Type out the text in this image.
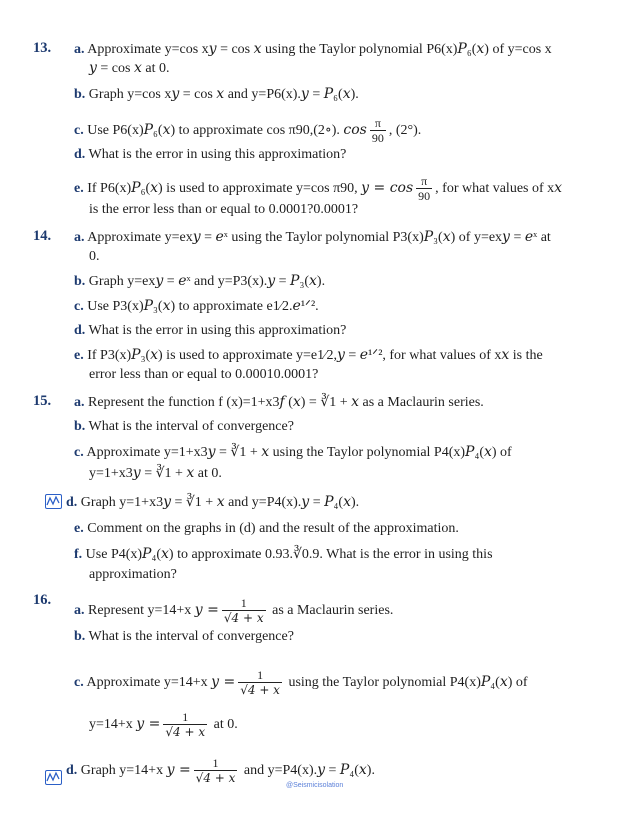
13. a. Approximate y=cos x𝑦 = cos 𝑥 using the Taylor polynomial P6(x)𝑃₆(𝑥) of y=cos x
𝑦 = cos 𝑥 at 0.
b. Graph y=cos x𝑦 = cos 𝑥 and y=P6(x).𝑦 = 𝑃₆(𝑥).
c. Use P6(x)𝑃₆(𝑥) to approximate cos π90,(2∘). $\cos \frac{\pi}{90}$ , (2°).
d. What is the error in using this approximation?
e. If P6(x)𝑃₆(𝑥) is used to approximate y=cos π90, 𝑦 = $\cos \frac{\pi}{90}$ , for what values of x𝑥
is the error less than or equal to 0.0001?0.0001?
14. a. Approximate y=ex𝑦 = 𝑒ˣ using the Taylor polynomial P3(x)𝑃₃(𝑥) of y=ex𝑦 = 𝑒ˣ at
0.
b. Graph y=ex𝑦 = 𝑒ˣ and y=P3(x).𝑦 = 𝑃₃(𝑥).
c. Use P3(x)𝑃₃(𝑥) to approximate e1⁄2.𝑒¹ᐟ².
d. What is the error in using this approximation?
e. If P3(x)𝑃₃(𝑥) is used to approximate y=e1⁄2,𝑦 = 𝑒¹ᐟ², for what values of x𝑥 is the
error less than or equal to 0.00010.0001?
15. a. Represent the function f (x)=1+x3𝑓 (𝑥) = ∛1 + 𝑥 as a Maclaurin series.
b. What is the interval of convergence?
c. Approximate y=1+x3𝑦 = ∛1 + 𝑥 using the Taylor polynomial P4(x)𝑃₄(𝑥) of
y=1+x3𝑦 = ∛1 + 𝑥 at 0.
d. Graph y=1+x3𝑦 = ∛1 + 𝑥 and y=P4(x).𝑦 = 𝑃₄(𝑥).
e. Comment on the graphs in (d) and the result of the approximation.
f. Use P4(x)𝑃₄(𝑥) to approximate 0.93.∛0.9. What is the error in using this
approximation?
16.
a. Represent y=14+x 𝑦 = $\frac{1}{\text{√4 + 𝑥}}$ as a Maclaurin series.
b. What is the interval of convergence?
c. Approximate y=14+x 𝑦 = $\frac{1}{\text{√4 + 𝑥}}$ using the Taylor polynomial P4(x)𝑃₄(𝑥) of
y=14+x 𝑦 = $\frac{1}{\text{√4 + 𝑥}}$ at 0.
d. Graph y=14+x 𝑦 = $\frac{1}{\text{√4 + 𝑥}}$ and y=P4(x).𝑦 = 𝑃₄(𝑥).
@Seismicisolation
